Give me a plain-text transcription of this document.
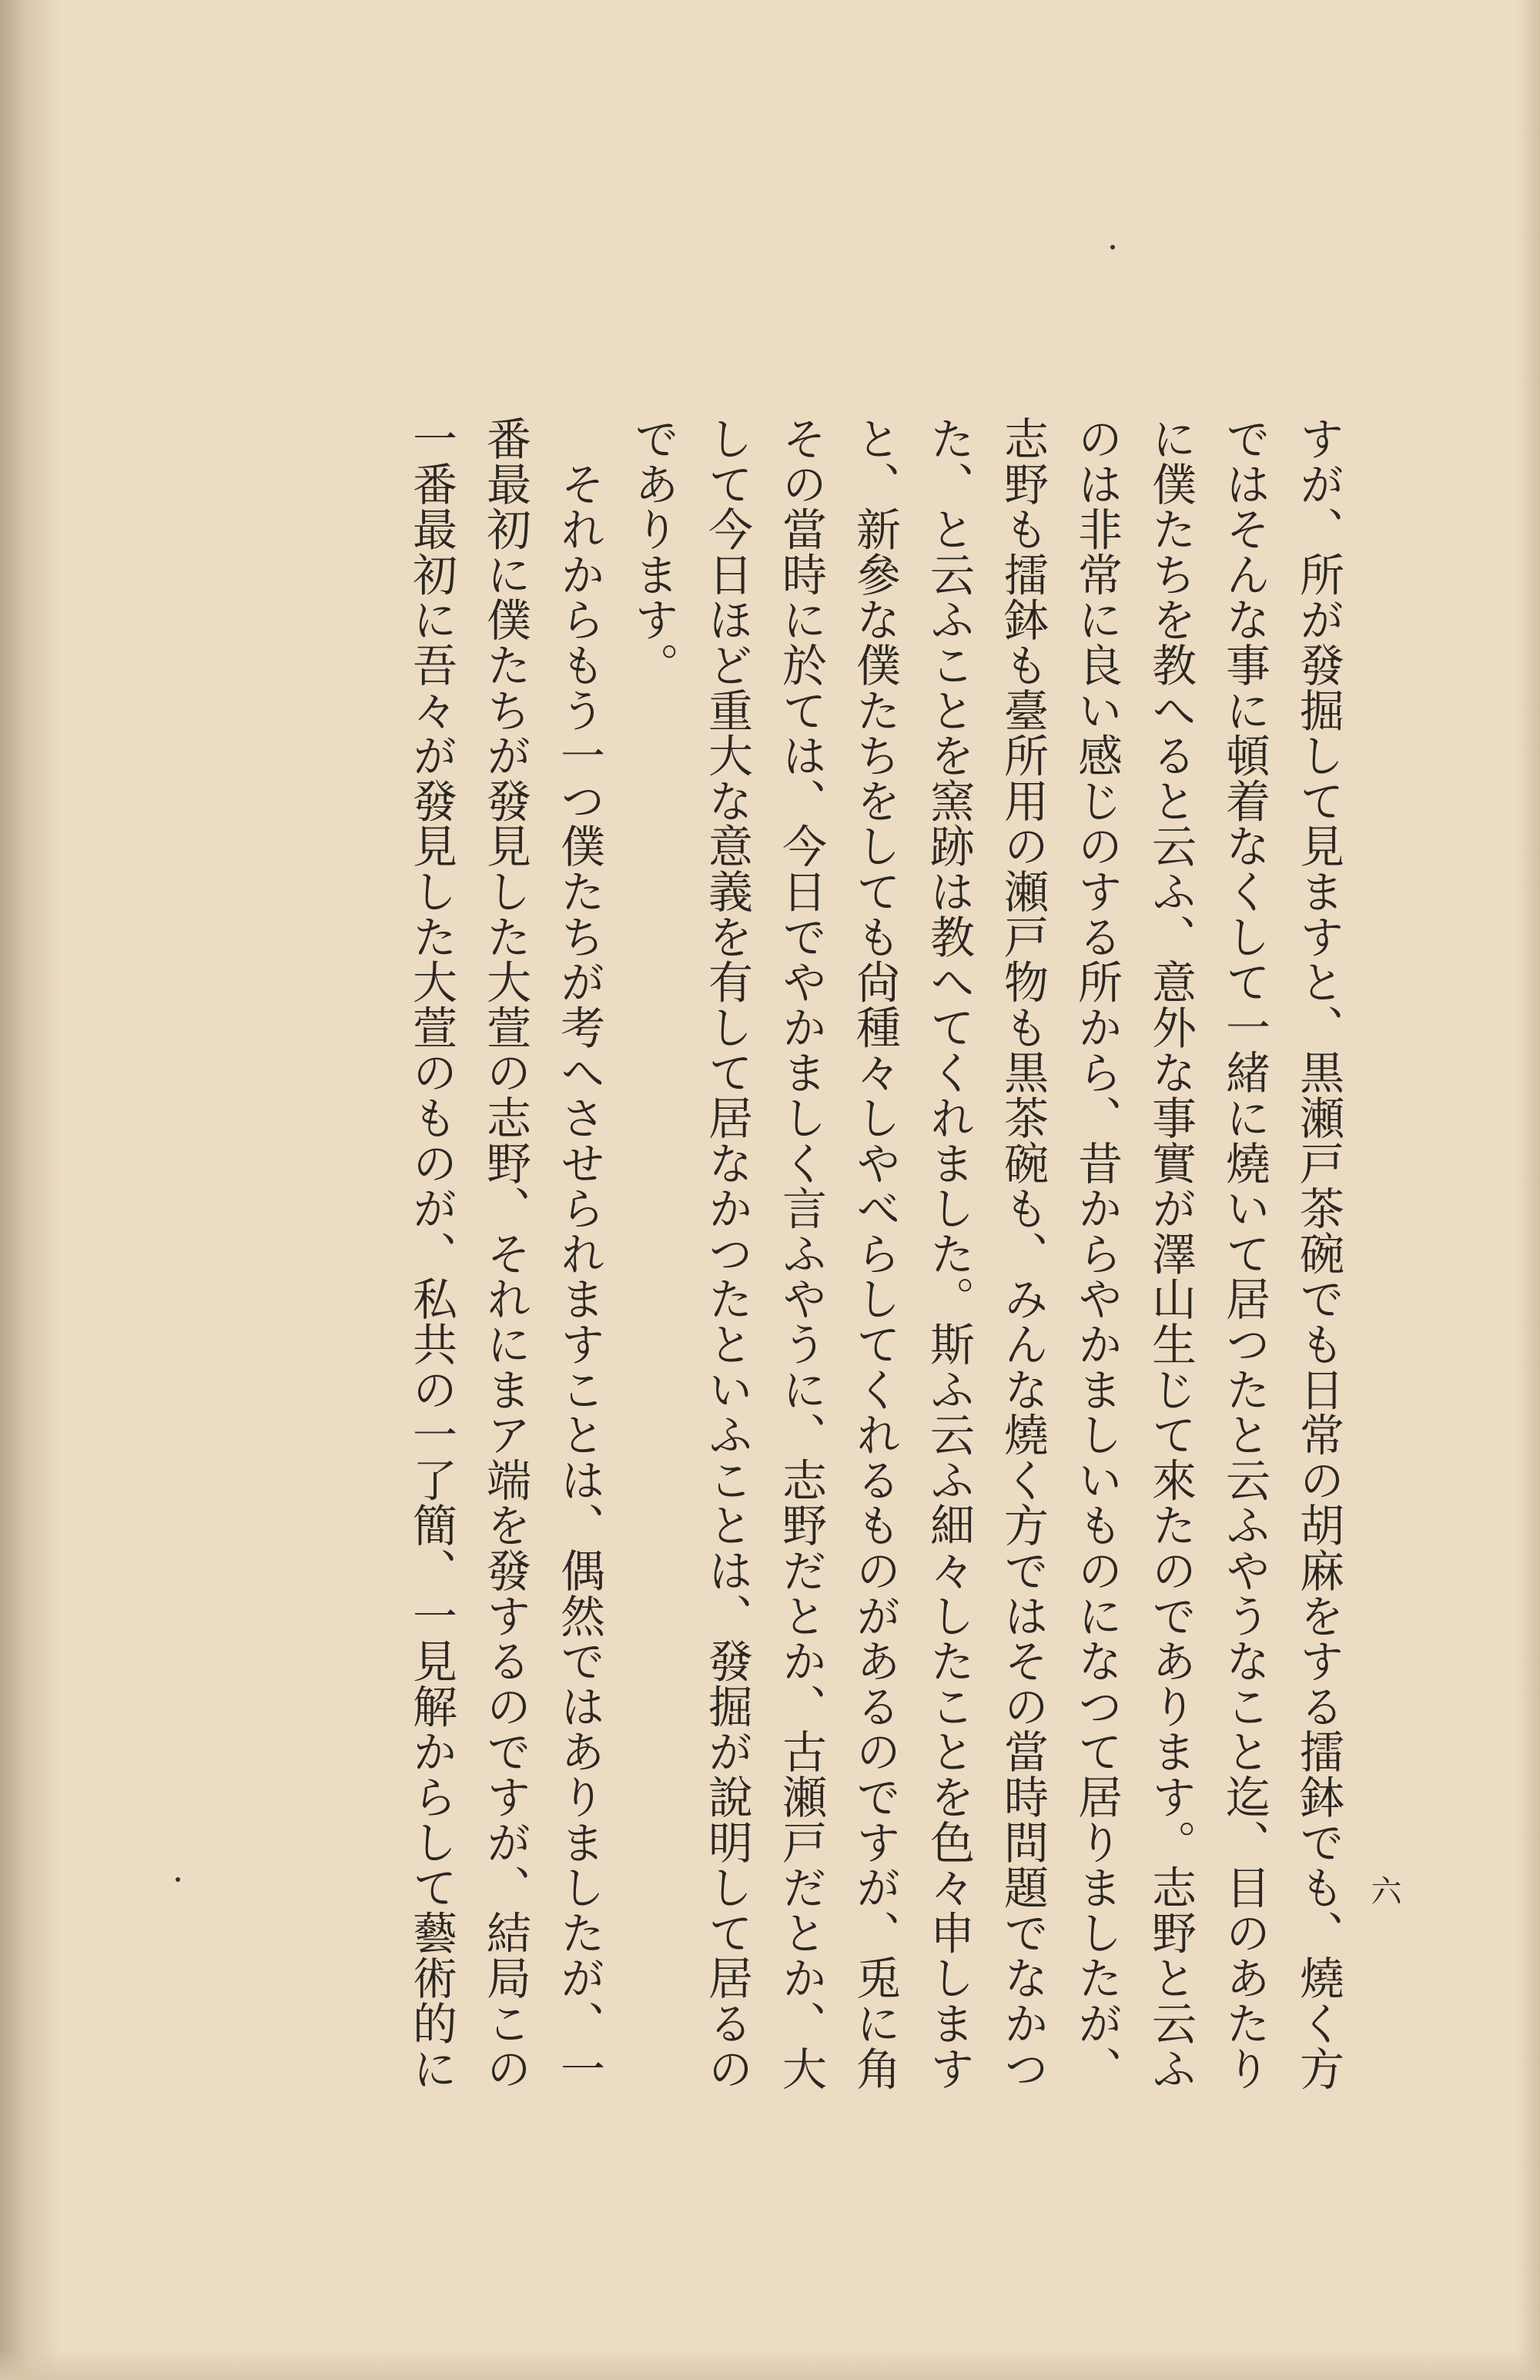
六
すが、所が發掘して見ますと、黒瀬戸茶碗でも日常の胡麻をする擂鉢でも、燒く方
ではそんな事に頓着なくして一緒に燒いて居つたと云ふやうなこと迄、目のあたり
に僕たちを教へると云ふ、意外な事實が澤山生じて來たのであります。志野と云ふ
のは非常に良い感じのする所から、昔からやかましいものになつて居りましたが、
志野も擂鉢も臺所用の瀬戸物も黒茶碗も、みんな燒く方ではその當時問題でなかつ
た、と云ふことを窯跡は教へてくれました。斯ふ云ふ細々したことを色々申します
と、新參な僕たちをしても尙種々しやべらしてくれるものがあるのですが、兎に角
その當時に於ては、今日でやかましく言ふやうに、志野だとか、古瀬戸だとか、大
して今日ほど重大な意義を有して居なかつたといふことは、發掘が說明して居るの
であります。
　それからもう一つ僕たちが考へさせられますことは、偶然ではありましたが、一
番最初に僕たちが發見した大萱の志野、それにまア端を發するのですが、結局この
一番最初に吾々が發見した大萱のものが、私共の一了簡、一見解からして藝術的に
